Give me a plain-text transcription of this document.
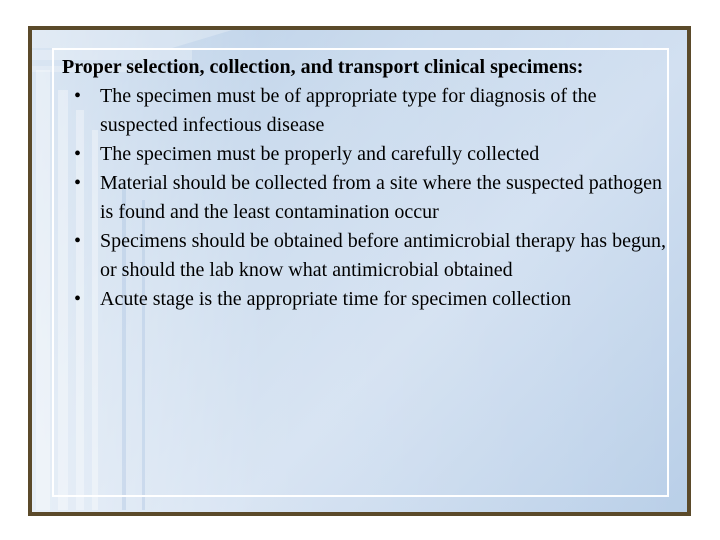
Proper selection, collection, and transport clinical specimens:

• The specimen must be of appropriate type for diagnosis of the suspected infectious disease
• The specimen must be properly and carefully collected
• Material should be collected from a site where the suspected pathogen is found and the least contamination occur
• Specimens should be obtained before antimicrobial therapy has begun, or should the lab know what antimicrobial obtained
• Acute stage is the appropriate time for specimen collection
